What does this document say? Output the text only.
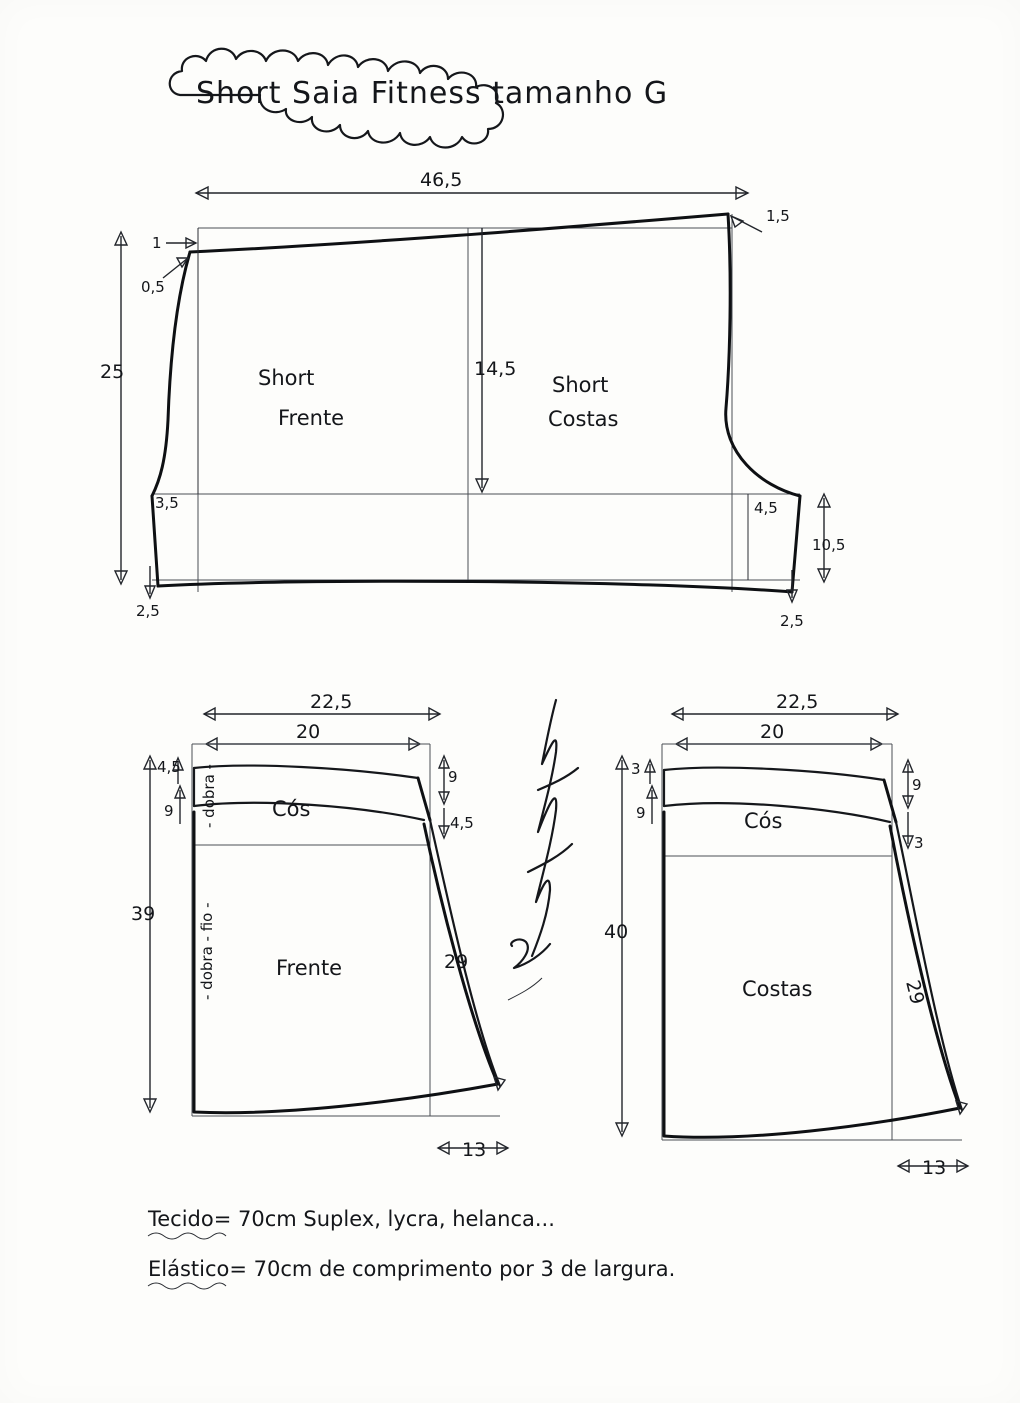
Short Saia Fitness tamanho G
46,5
25
1
0,5
1,5
14,5
3,5	4,5
10,5
2,5
2,5
Short
Frente
Short
Costas
22,5
20
39
4,5
9
9
4,5
29
13
Cós
Frente
- dobra -
- dobra - fio -
22,5
20
40
3
9
9
3
29
13
Cós
Costas
Tecido= 70cm Suplex, lycra, helanca...
Elástico= 70cm de comprimento por 3 de largura.
